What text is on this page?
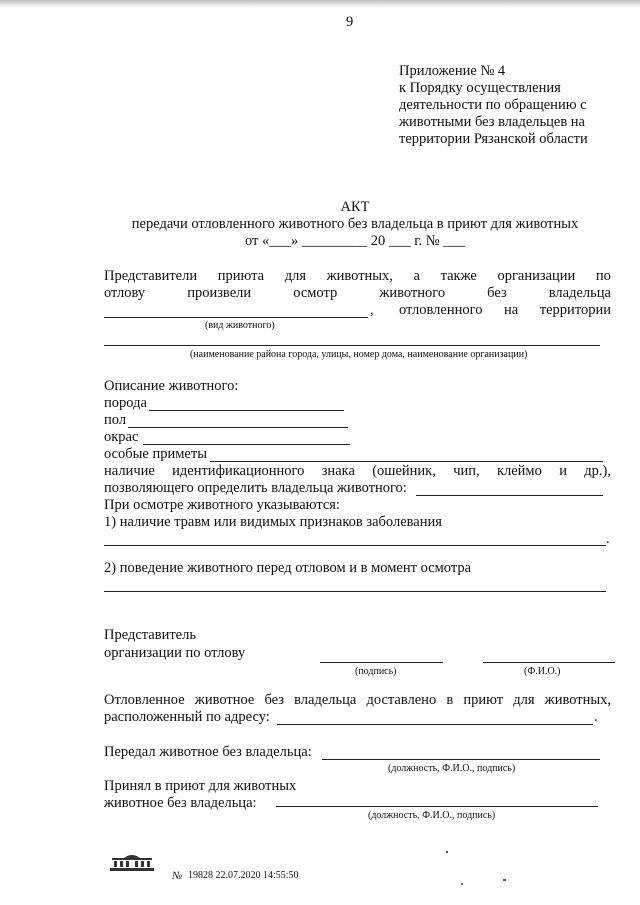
9
Приложение № 4
к Порядку осуществления
деятельности по обращению с
животными без владельцев на
территории Рязанской области
АКТ
передачи отловленного животного без владельца в приют для животных
от «___» _________ 20 ___ г. № ___
Представители приюта для животных, а также организации по
отлову	произвели	осмотр	животного	без	владельца
, отловленного на территории
(вид животного)
(наименование района города, улицы, номер дома, наименование организации)
Описание животного:
порода
пол
окрас
особые приметы
наличие идентификационного знака (ошейник, чип, клеймо и др.),
позволяющего определить владельца животного:
При осмотре животного указываются:
1) наличие травм или видимых признаков заболевания
.
2) поведение животного перед отловом и в момент осмотра
Представитель
организации по отлову
(подпись)	(Ф.И.О.)
Отловленное животное без владельца доставлено в приют для животных,
расположенный по адресу:	.
Передал животное без владельца:
(должность, Ф.И.О., подпись)
Принял в приют для животных
животное без владельца:
(должность, Ф.И.О., подпись)
№ 19828 22.07.2020 14:55:50
